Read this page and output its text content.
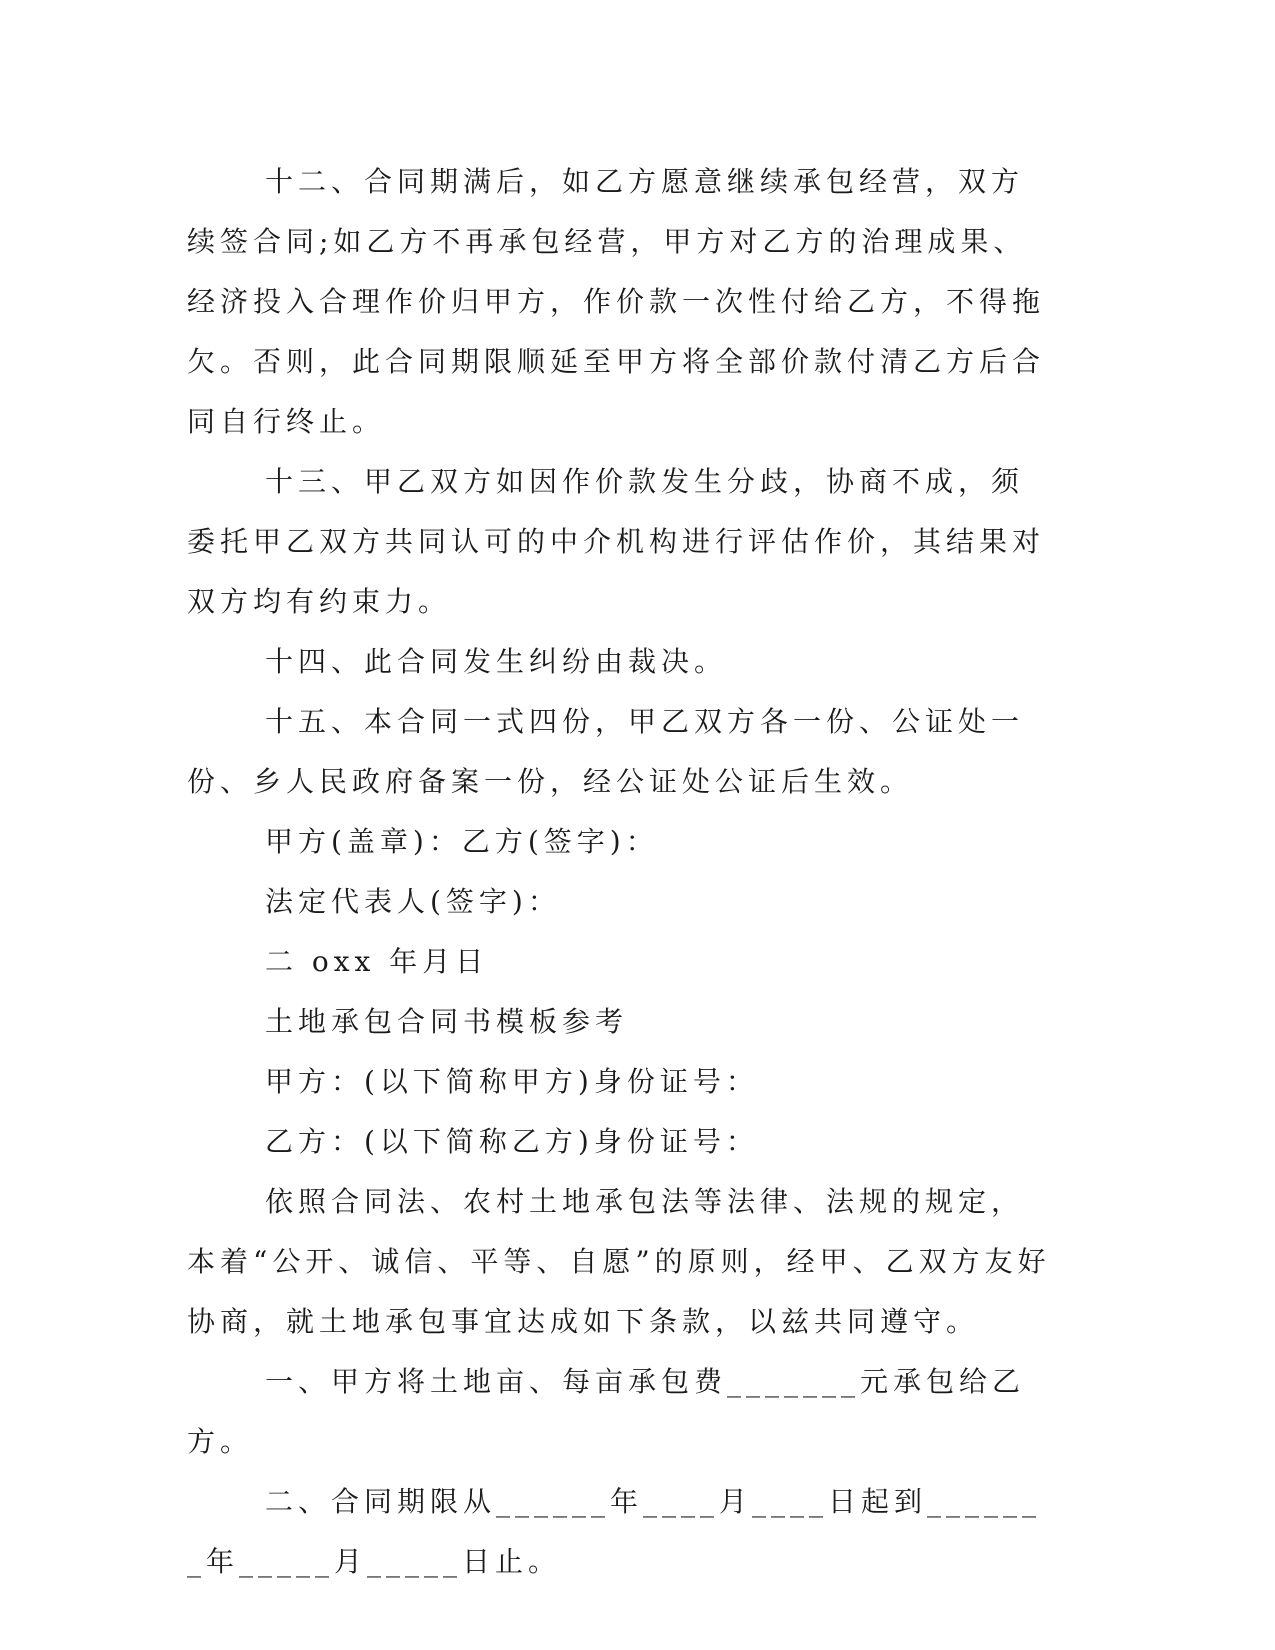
十二、合同期满后，如乙方愿意继续承包经营，双方续签合同;如乙方不再承包经营，甲方对乙方的治理成果、经济投入合理作价归甲方，作价款一次性付给乙方，不得拖欠。否则，此合同期限顺延至甲方将全部价款付清乙方后合同自行终止。

十三、甲乙双方如因作价款发生分歧，协商不成，须委托甲乙双方共同认可的中介机构进行评估作价，其结果对双方均有约束力。

十四、此合同发生纠纷由裁决。

十五、本合同一式四份，甲乙双方各一份、公证处一份、乡人民政府备案一份，经公证处公证后生效。

甲方(盖章)：乙方(签字)：

法定代表人(签字)：

二 oxx 年月日

土地承包合同书模板参考

甲方：(以下简称甲方)身份证号：

乙方：(以下简称乙方)身份证号：

依照合同法、农村土地承包法等法律、法规的规定，本着“公开、诚信、平等、自愿”的原则，经甲、乙双方友好协商，就土地承包事宜达成如下条款，以兹共同遵守。

一、甲方将土地亩、每亩承包费_______元承包给乙方。

二、合同期限从______年____月____日起到_______年_____月_____日止。
